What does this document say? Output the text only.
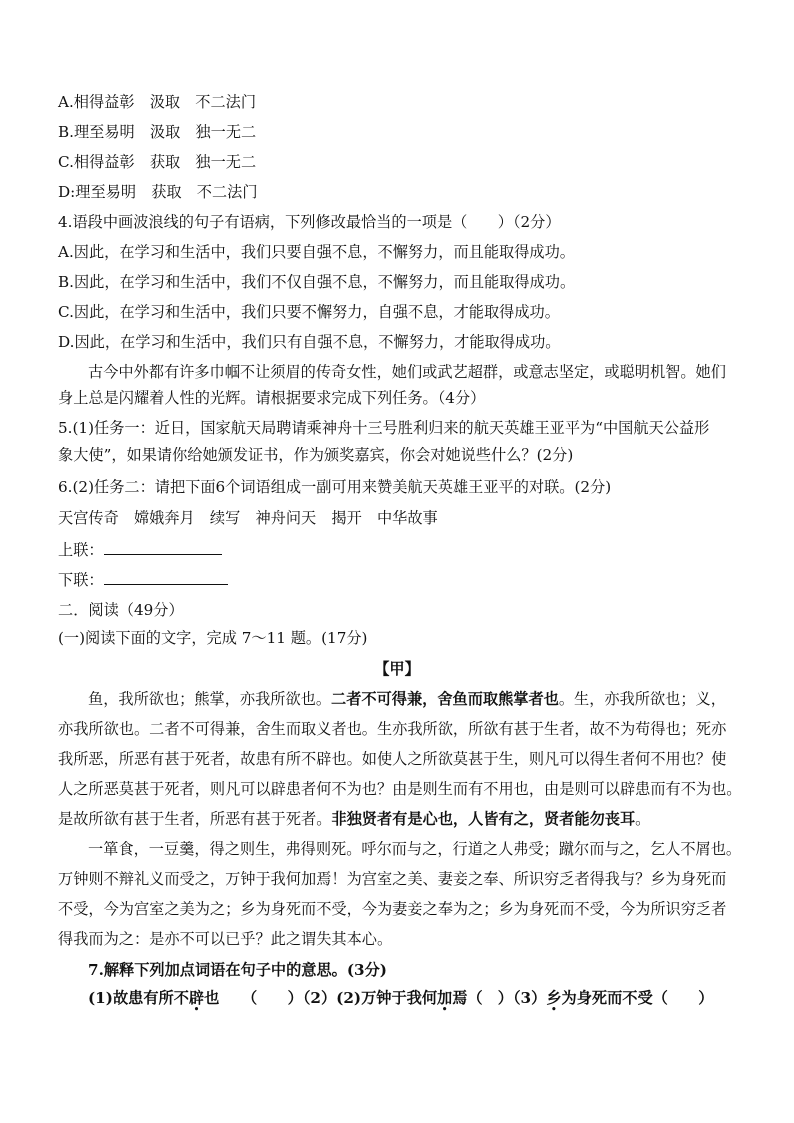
A.相得益彰　汲取　不二法门
B.理至易明　汲取　独一无二
C.相得益彰　获取　独一无二
D:理至易明　获取　不二法门
4.语段中画波浪线的句子有语病，下列修改最恰当的一项是（　　）（2分）
A.因此，在学习和生活中，我们只要自强不息，不懈努力，而且能取得成功。
B.因此，在学习和生活中，我们不仅自强不息，不懈努力，而且能取得成功。
C.因此，在学习和生活中，我们只要不懈努力，自强不息，才能取得成功。
D.因此，在学习和生活中，我们只有自强不息，不懈努力，才能取得成功。
古今中外都有许多巾帼不让须眉的传奇女性，她们或武艺超群，或意志坚定，或聪明机智。她们
身上总是闪耀着人性的光辉。请根据要求完成下列任务。（4分）
5.(1)任务一：近日，国家航天局聘请乘神舟十三号胜利归来的航天英雄王亚平为“中国航天公益形
象大使”，如果请你给她颁发证书，作为颁奖嘉宾，你会对她说些什么？(2分)
6.(2)任务二：请把下面6个词语组成一副可用来赞美航天英雄王亚平的对联。(2分)
天宫传奇　嫦娥奔月　续写　神舟问天　揭开　中华故事
上联：
下联：
二．阅读（49分）
(一)阅读下面的文字，完成 7～11 题。(17分)
【甲】
鱼，我所欲也；熊掌，亦我所欲也。二者不可得兼，舍鱼而取熊掌者也。生，亦我所欲也；义，
亦我所欲也。二者不可得兼，舍生而取义者也。生亦我所欲，所欲有甚于生者，故不为苟得也；死亦
我所恶，所恶有甚于死者，故患有所不辟也。如使人之所欲莫甚于生，则凡可以得生者何不用也？使
人之所恶莫甚于死者，则凡可以辟患者何不为也？由是则生而有不用也，由是则可以辟患而有不为也。
是故所欲有甚于生者，所恶有甚于死者。非独贤者有是心也，人皆有之，贤者能勿丧耳。
一箪食，一豆羹，得之则生，弗得则死。呼尔而与之，行道之人弗受；蹴尔而与之，乞人不屑也。
万钟则不辩礼义而受之，万钟于我何加焉！为宫室之美、妻妾之奉、所识穷乏者得我与？乡为身死而
不受，今为宫室之美为之；乡为身死而不受，今为妻妾之奉为之；乡为身死而不受，今为所识穷乏者
得我而为之：是亦不可以已乎？此之谓失其本心。
7.解释下列加点词语在句子中的意思。(3分)
(1)故患有所不辟也　　（　　）（2）(2)万钟于我何加焉（　）（3）乡为身死而不受（　　）
